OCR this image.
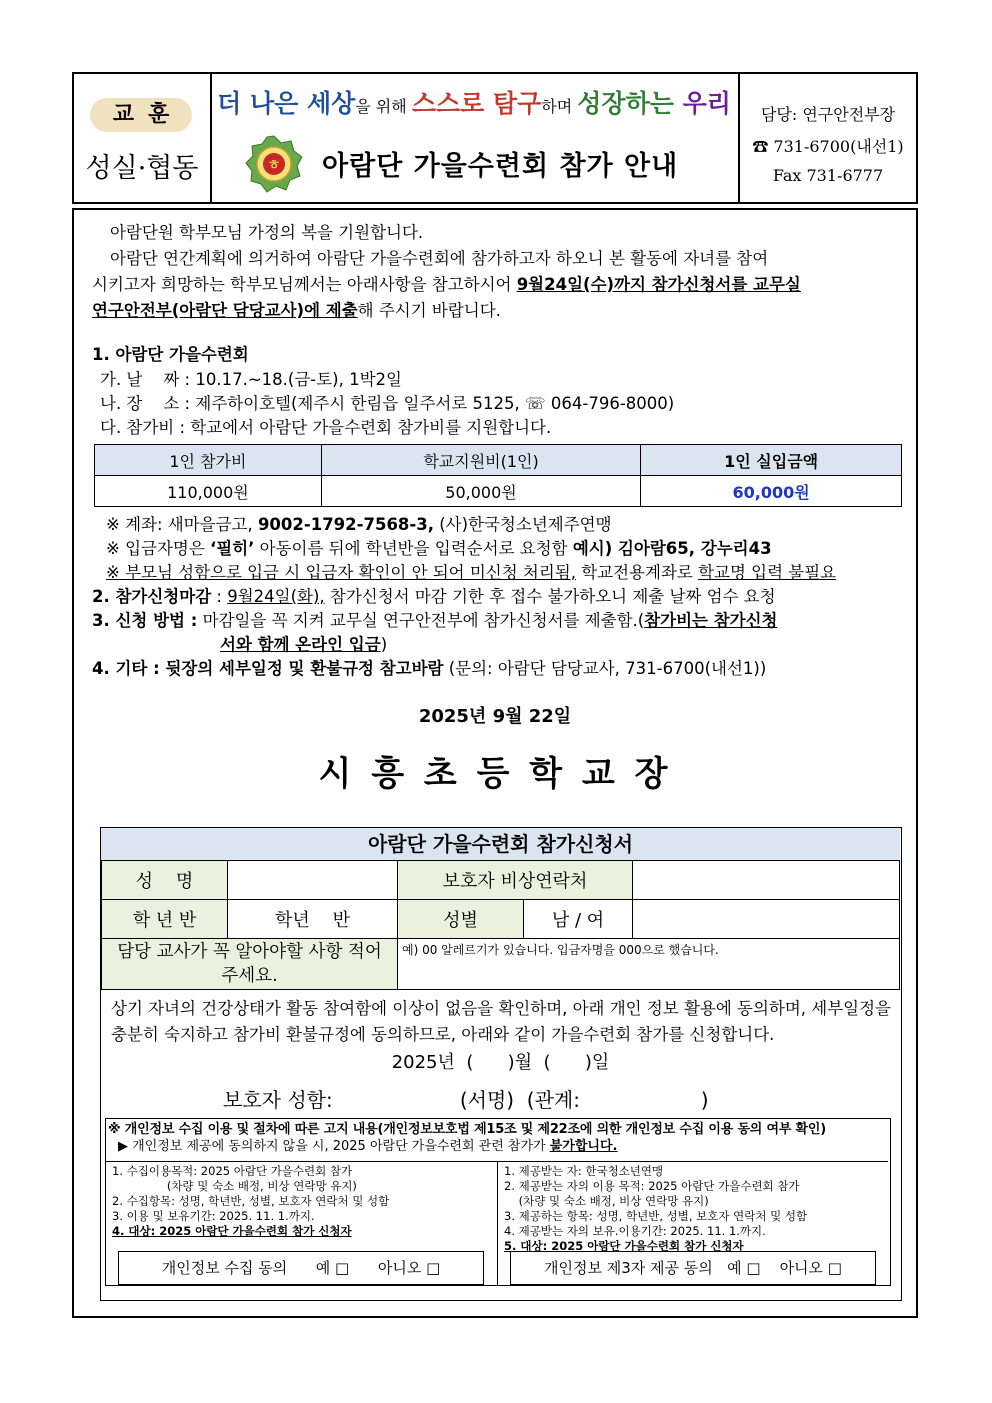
교훈
성실·협동
더 나은 세상을 위해 스스로 탐구하며 성장하는 우리
ㅎ 아람단 가을수련회 참가 안내
담당: 연구안전부장
☎ 731-6700(내선1)
Fax 731-6777
아람단원 학부모님 가정의 복을 기원합니다.
아람단 연간계획에 의거하여 아람단 가을수련회에 참가하고자 하오니 본 활동에 자녀를 참여
시키고자 희망하는 학부모님께서는 아래사항을 참고하시어 9월24일(수)까지 참가신청서를 교무실
연구안전부(아람단 담당교사)에 제출해 주시기 바랍니다.
1. 아람단 가을수련회
가. 날    짜 : 10.17.~18.(금-토), 1박2일
나. 장    소 : 제주하이호텔(제주시 한림읍 일주서로 5125, ☏ 064-796-8000)
다. 참가비 : 학교에서 아람단 가을수련회 참가비를 지원합니다.
1인 참가비	학교지원비(1인)	1인 실입금액
110,000원	50,000원	60,000원
※ 계좌: 새마을금고, 9002-1792-7568-3, (사)한국청소년제주연맹
※ 입금자명은 ‘필히’ 아동이름 뒤에 학년반을 입력순서로 요청함 예시) 김아람65, 강누리43
※ 부모님 성함으로 입금 시 입금자 확인이 안 되어 미신청 처리됨, 학교전용계좌로 학교명 입력 불필요
2. 참가신청마감 : 9월24일(화), 참가신청서 마감 기한 후 접수 불가하오니 제출 날짜 엄수 요청
3. 신청 방법 : 마감일을 꼭 지켜 교무실 연구안전부에 참가신청서를 제출함.(참가비는 참가신청
서와 함께 온라인 입금)
4. 기타 : 뒷장의 세부일정 및 환불규정 참고바람 (문의: 아람단 담당교사, 731-6700(내선1))
2025년 9월 22일
시 흥 초 등 학 교 장
아람단 가을수련회 참가신청서
성    명	보호자 비상연락처
학 년 반	학년    반	성별	남 / 여
담당 교사가 꼭 알아야할 사항 적어주세요.
예) 00 알레르기가 있습니다. 입금자명을 000으로 했습니다.
상기 자녀의 건강상태가 활동 참여함에 이상이 없음을 확인하며, 아래 개인 정보 활용에 동의하며, 세부일정을 충분히 숙지하고 참가비 환불규정에 동의하므로, 아래와 같이 가을수련회 참가를 신청합니다.
2025년  (      )월  (      )일
보호자 성함:                    (서명)  (관계:                   )
※ 개인정보 수집 이용 및 절차에 따른 고지 내용(개인정보보호법 제15조 및 제22조에 의한 개인정보 수집 이용 동의 여부 확인)
▶ 개인정보 제공에 동의하지 않을 시, 2025 아람단 가을수련회 관련 참가가 불가합니다.
1. 수집이용목적: 2025 아람단 가을수련회 참가
(차량 및 숙소 배정, 비상 연락망 유지)
2. 수집항목: 성명, 학년반, 성별, 보호자 연락처 및 성함
3. 이용 및 보유기간: 2025. 11. 1.까지.
4. 대상: 2025 아람단 가을수련회 참가 신청자
개인정보 수집 동의      예 □      아니오 □
1. 제공받는 자: 한국청소년연맹
2. 제공받는 자의 이용 목적: 2025 아람단 가을수련회 참가
(차량 및 숙소 배정, 비상 연락망 유지)
3. 제공하는 항목: 성명, 학년반, 성별, 보호자 연락처 및 성함
4. 제공받는 자의 보유.이용기간: 2025. 11. 1.까지.
5. 대상: 2025 아람단 가을수련회 참가 신청자
개인정보 제3자 제공 동의   예 □    아니오 □
